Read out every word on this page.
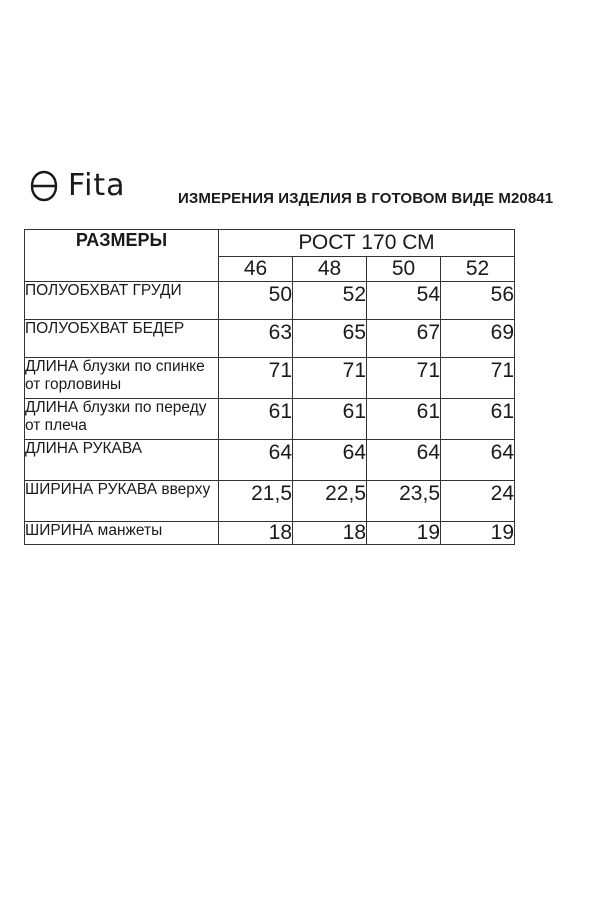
Fita	ИЗМЕРЕНИЯ ИЗДЕЛИЯ В ГОТОВОМ ВИДЕ M20841
РАЗМЕРЫ	РОСТ 170 СМ			
	46	48	50	52
ПОЛУОБХВАТ ГРУДИ	50	52	54	56
ПОЛУОБХВАТ БЕДЕР	63	65	67	69
ДЛИНА блузки по спинке от горловины	71	71	71	71
ДЛИНА блузки по переду от плеча	61	61	61	61
ДЛИНА РУКАВА	64	64	64	64
ШИРИНА РУКАВА вверху	21,5	22,5	23,5	24
ШИРИНА манжеты	18	18	19	19
